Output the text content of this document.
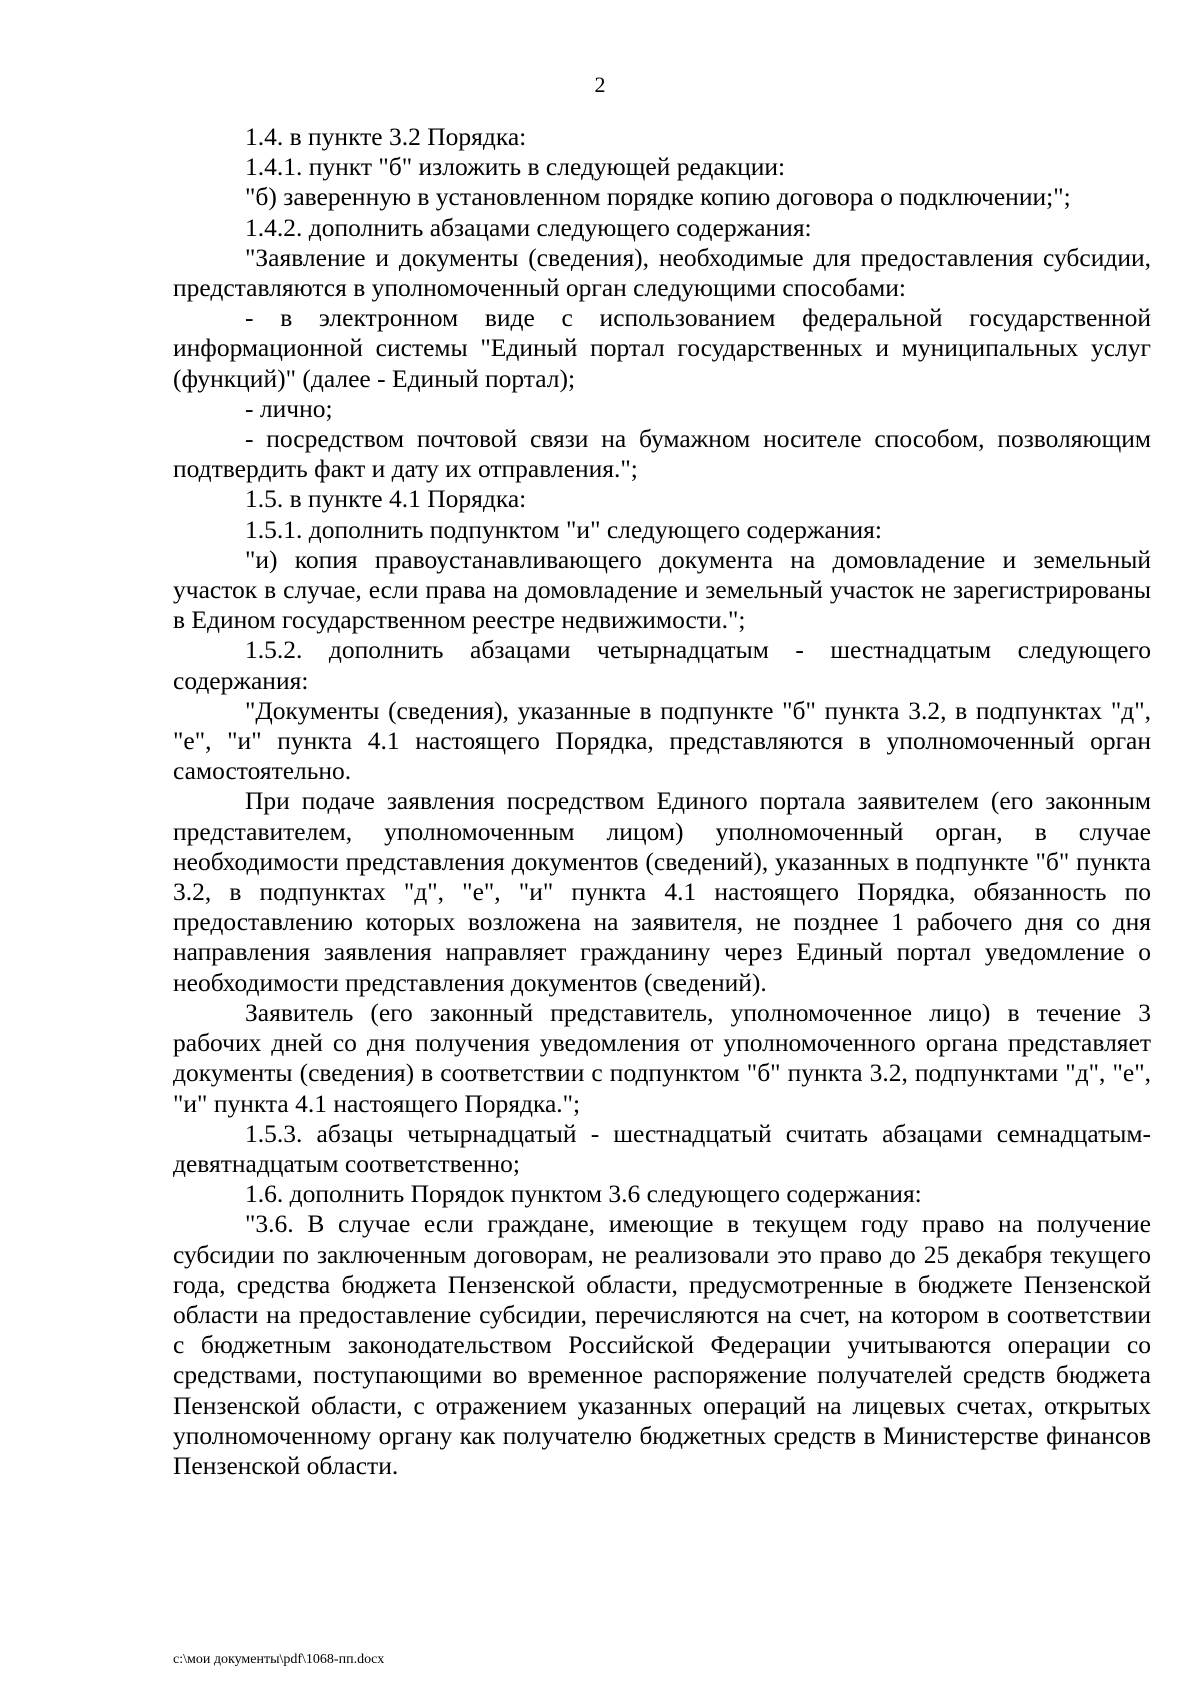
2

1.4. в пункте 3.2 Порядка:

1.4.1. пункт "б" изложить в следующей редакции:

"б) заверенную в установленном порядке копию договора о подключении;";

1.4.2. дополнить абзацами следующего содержания:

"Заявление и документы (сведения), необходимые для предоставления субсидии, представляются в уполномоченный орган следующими способами:

- в электронном виде с использованием федеральной государственной информационной системы "Единый портал государственных и муниципальных услуг (функций)" (далее - Единый портал);

- лично;

- посредством почтовой связи на бумажном носителе способом, позволяющим подтвердить факт и дату их отправления.";

1.5. в пункте 4.1 Порядка:

1.5.1. дополнить подпунктом "и" следующего содержания:

"и) копия правоустанавливающего документа на домовладение и земельный участок в случае, если права на домовладение и земельный участок не зарегистрированы в Едином государственном реестре недвижимости.";

1.5.2. дополнить абзацами четырнадцатым - шестнадцатым следующего содержания:

"Документы (сведения), указанные в подпункте "б" пункта 3.2, в подпунктах "д", "е", "и" пункта 4.1 настоящего Порядка, представляются в уполномоченный орган самостоятельно.

При подаче заявления посредством Единого портала заявителем (его законным представителем, уполномоченным лицом) уполномоченный орган, в случае необходимости представления документов (сведений), указанных в подпункте "б" пункта 3.2, в подпунктах "д", "е", "и" пункта 4.1 настоящего Порядка, обязанность по предоставлению которых возложена на заявителя, не позднее 1 рабочего дня со дня направления заявления направляет гражданину через Единый портал уведомление о необходимости представления документов (сведений).

Заявитель (его законный представитель, уполномоченное лицо) в течение 3 рабочих дней со дня получения уведомления от уполномоченного органа представляет документы (сведения) в соответствии с подпунктом "б" пункта 3.2, подпунктами "д", "е", "и" пункта 4.1 настоящего Порядка.";

1.5.3. абзацы четырнадцатый - шестнадцатый считать абзацами семнадцатым-девятнадцатым соответственно;

1.6. дополнить Порядок пунктом 3.6 следующего содержания:

"3.6. В случае если граждане, имеющие в текущем году право на получение субсидии по заключенным договорам, не реализовали это право до 25 декабря текущего года, средства бюджета Пензенской области, предусмотренные в бюджете Пензенской области на предоставление субсидии, перечисляются на счет, на котором в соответствии с бюджетным законодательством Российской Федерации учитываются операции со средствами, поступающими во временное распоряжение получателей средств бюджета Пензенской области, с отражением указанных операций на лицевых счетах, открытых уполномоченному органу как получателю бюджетных средств в Министерстве финансов Пензенской области.

c:\мои документы\pdf\1068-пп.docx
